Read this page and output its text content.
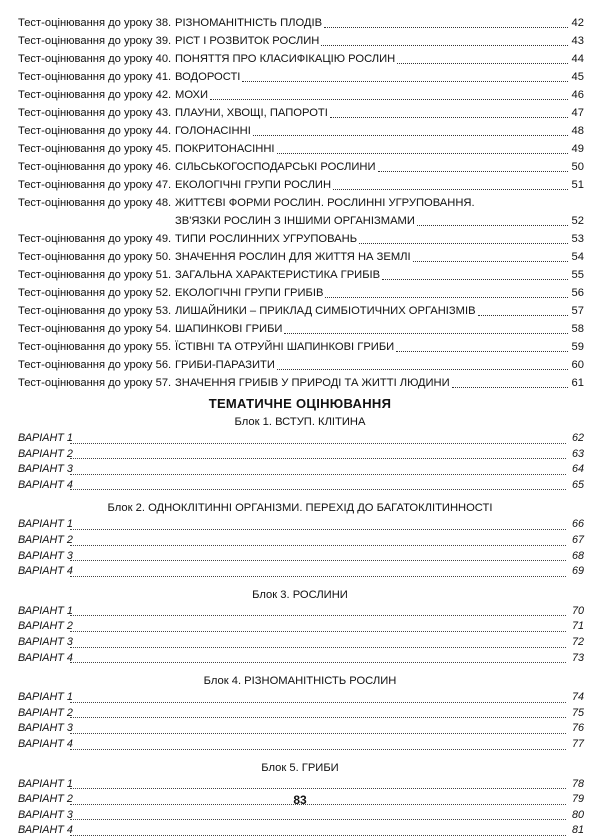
Тест-оцінювання до уроку 38. РІЗНОМАНІТНІСТЬ ПЛОДІВ	42
Тест-оцінювання до уроку 39. РІСТ І РОЗВИТОК РОСЛИН	43
Тест-оцінювання до уроку 40. ПОНЯТТЯ ПРО КЛАСИФІКАЦІЮ РОСЛИН	44
Тест-оцінювання до уроку 41. ВОДОРОСТІ	45
Тест-оцінювання до уроку 42. МОХИ	46
Тест-оцінювання до уроку 43. ПЛАУНИ, ХВОЩІ, ПАПОРОТІ	47
Тест-оцінювання до уроку 44. ГОЛОНАСІННІ	48
Тест-оцінювання до уроку 45. ПОКРИТОНАСІННІ	49
Тест-оцінювання до уроку 46. СІЛЬСЬКОГОСПОДАРСЬКІ РОСЛИНИ	50
Тест-оцінювання до уроку 47. ЕКОЛОГІЧНІ ГРУПИ РОСЛИН	51
Тест-оцінювання до уроку 48. ЖИТТЄВІ ФОРМИ РОСЛИН. РОСЛИННІ УГРУПОВАННЯ.
ЗВ'ЯЗКИ РОСЛИН З ІНШИМИ ОРГАНІЗМАМИ	52
Тест-оцінювання до уроку 49. ТИПИ РОСЛИННИХ УГРУПОВАНЬ	53
Тест-оцінювання до уроку 50. ЗНАЧЕННЯ РОСЛИН ДЛЯ ЖИТТЯ НА ЗЕМЛІ	54
Тест-оцінювання до уроку 51. ЗАГАЛЬНА ХАРАКТЕРИСТИКА ГРИБІВ	55
Тест-оцінювання до уроку 52. ЕКОЛОГІЧНІ ГРУПИ ГРИБІВ	56
Тест-оцінювання до уроку 53. ЛИШАЙНИКИ – ПРИКЛАД СИМБІОТИЧНИХ ОРГАНІЗМІВ	57
Тест-оцінювання до уроку 54. ШАПИНКОВІ ГРИБИ	58
Тест-оцінювання до уроку 55. ЇСТІВНІ ТА ОТРУЙНІ ШАПИНКОВІ ГРИБИ	59
Тест-оцінювання до уроку 56. ГРИБИ-ПАРАЗИТИ	60
Тест-оцінювання до уроку 57. ЗНАЧЕННЯ ГРИБІВ У ПРИРОДІ ТА ЖИТТІ ЛЮДИНИ	61
ТЕМАТИЧНЕ ОЦІНЮВАННЯ
Блок 1. ВСТУП. КЛІТИНА
ВАРІАНТ 1	62
ВАРІАНТ 2	63
ВАРІАНТ 3	64
ВАРІАНТ 4	65
Блок 2. ОДНОКЛІТИННІ ОРГАНІЗМИ. ПЕРЕХІД ДО БАГАТОКЛІТИННОСТІ
ВАРІАНТ 1	66
ВАРІАНТ 2	67
ВАРІАНТ 3	68
ВАРІАНТ 4	69
Блок 3. РОСЛИНИ
ВАРІАНТ 1	70
ВАРІАНТ 2	71
ВАРІАНТ 3	72
ВАРІАНТ 4	73
Блок 4. РІЗНОМАНІТНІСТЬ РОСЛИН
ВАРІАНТ 1	74
ВАРІАНТ 2	75
ВАРІАНТ 3	76
ВАРІАНТ 4	77
Блок 5. ГРИБИ
ВАРІАНТ 1	78
ВАРІАНТ 2	79
ВАРІАНТ 3	80
ВАРІАНТ 4	81
83
